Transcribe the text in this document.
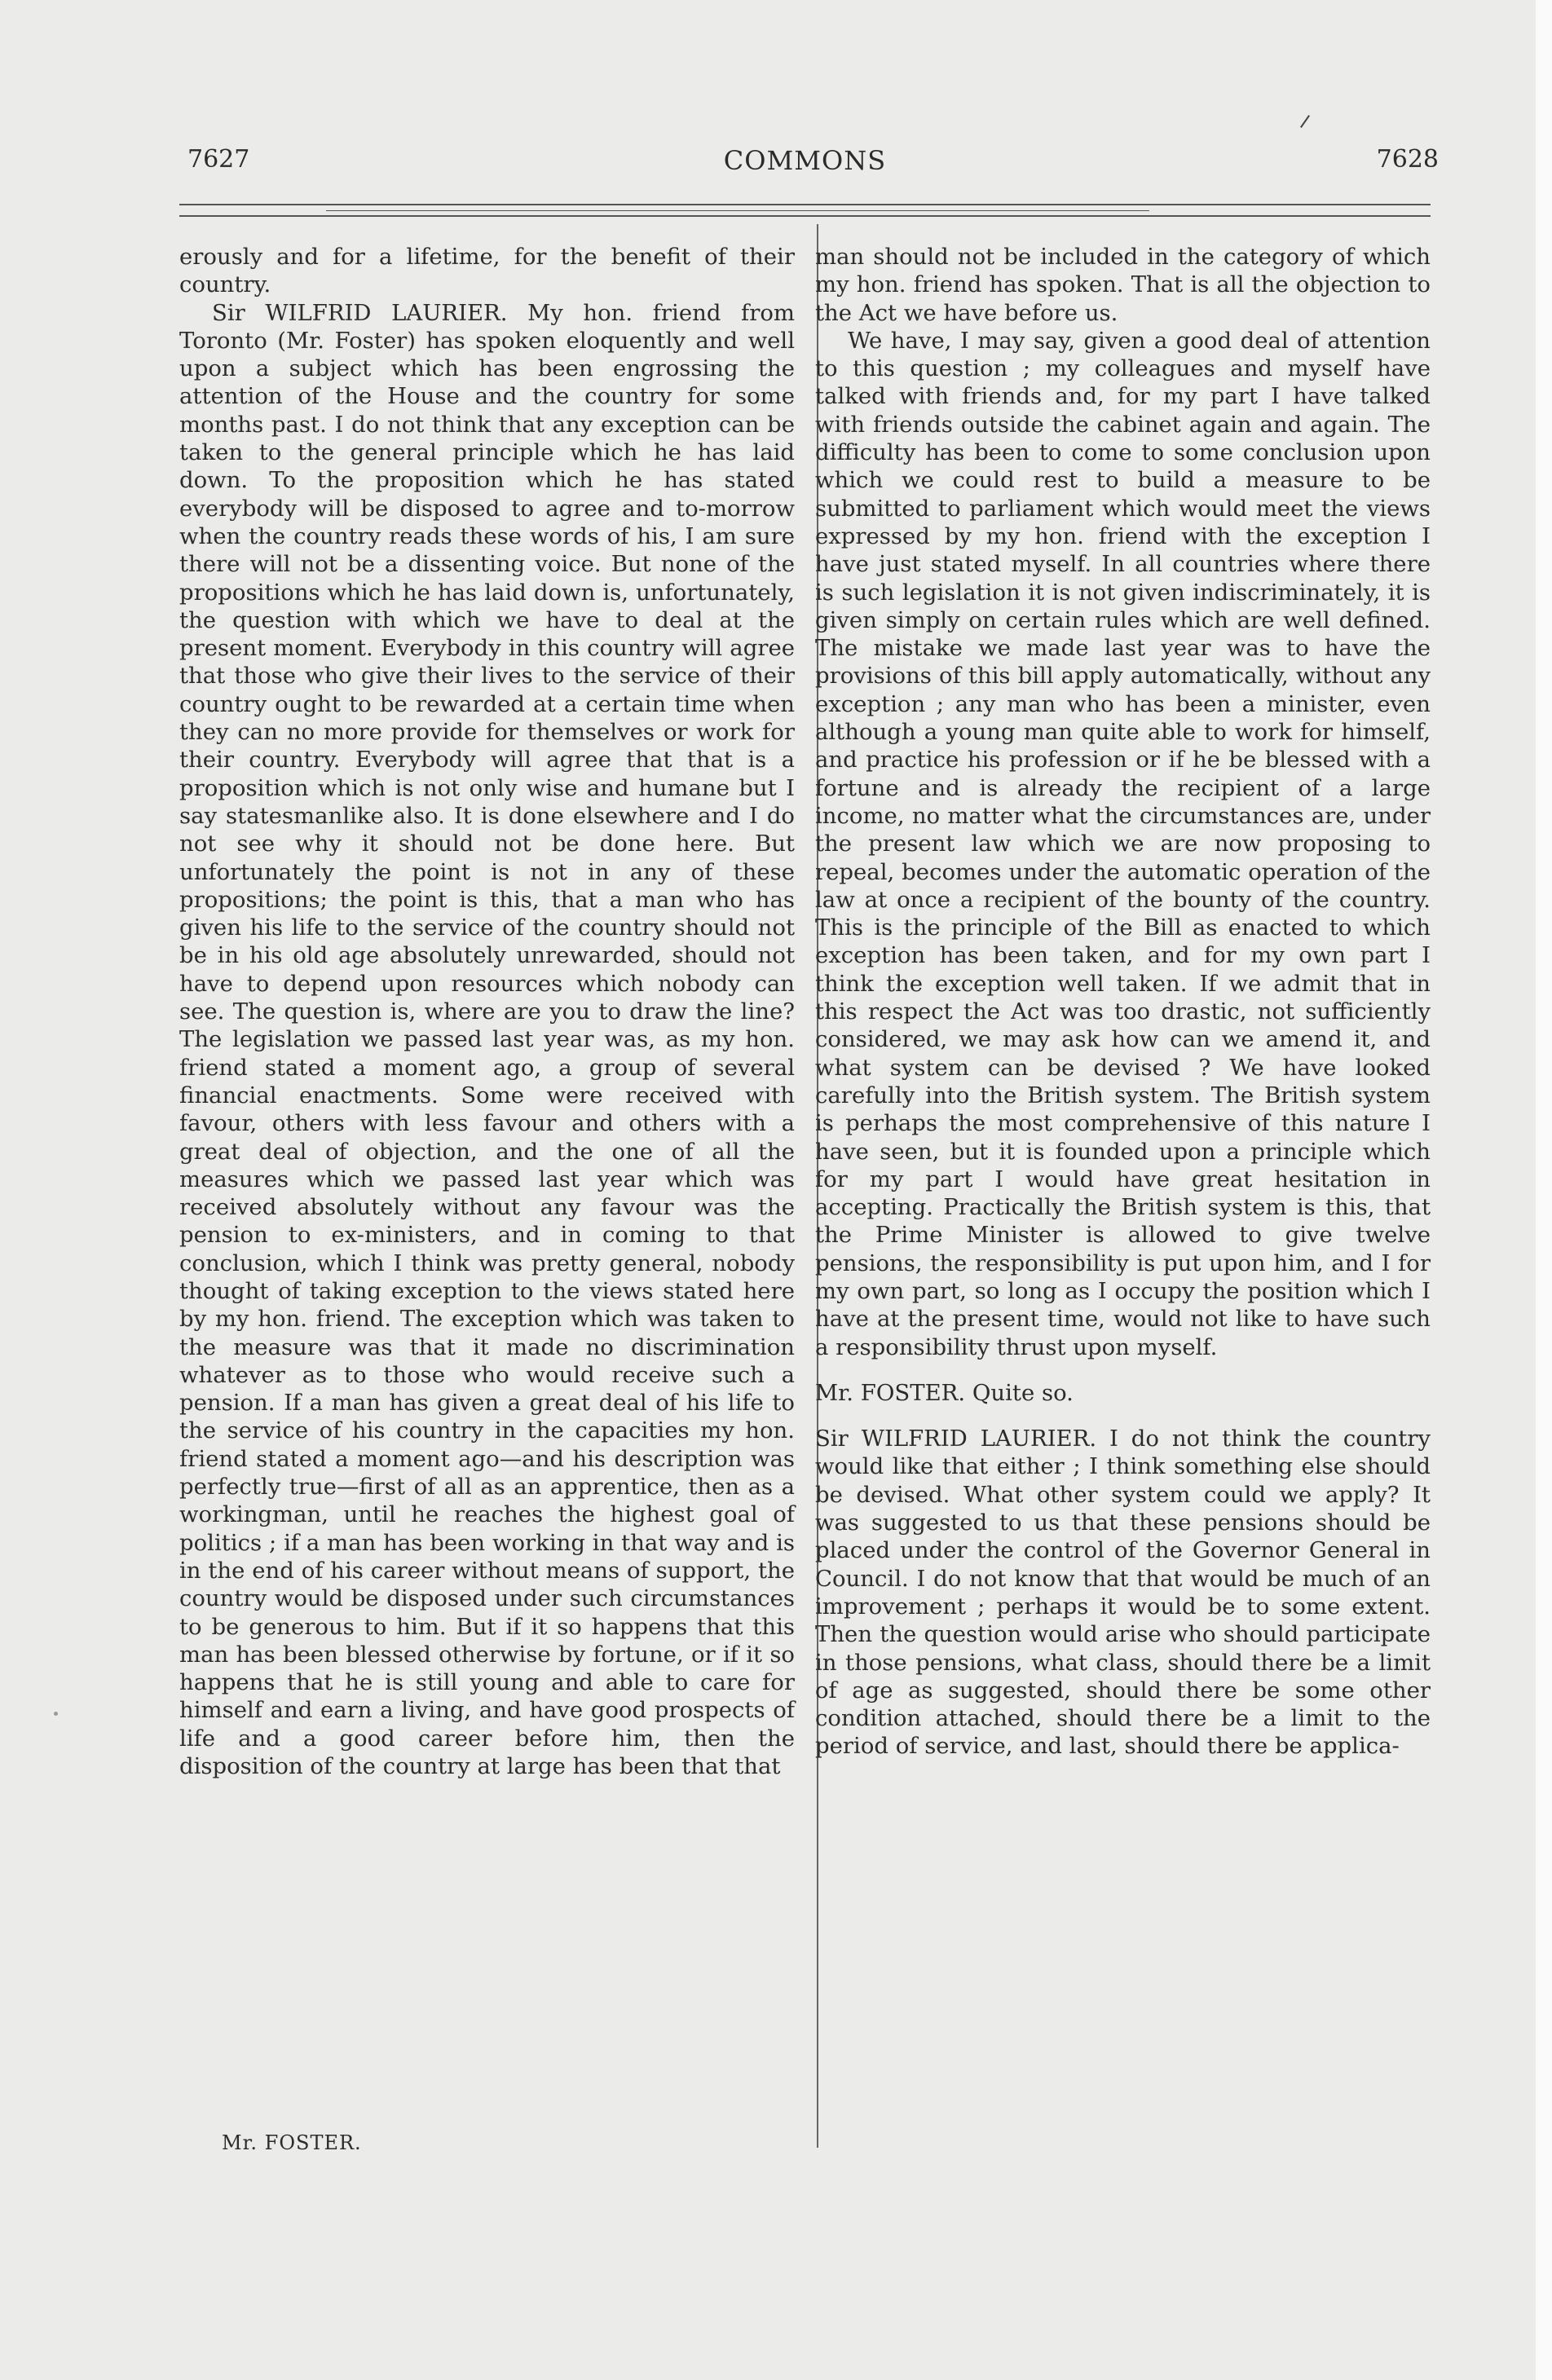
7627	COMMONS	7628

erously and for a lifetime, for the benefit of their country.

Sir WILFRID LAURIER. My hon. friend from Toronto (Mr. Foster) has spoken eloquently and well upon a subject which has been engrossing the attention of the House and the country for some months past. I do not think that any exception can be taken to the general principle which he has laid down. To the proposition which he has stated everybody will be disposed to agree and to-morrow when the country reads these words of his, I am sure there will not be a dissenting voice. But none of the propositions which he has laid down is, unfortunately, the question with which we have to deal at the present moment. Everybody in this country will agree that those who give their lives to the service of their country ought to be rewarded at a certain time when they can no more provide for themselves or work for their country. Everybody will agree that that is a proposition which is not only wise and humane but I say statesmanlike also. It is done elsewhere and I do not see why it should not be done here. But unfortunately the point is not in any of these propositions; the point is this, that a man who has given his life to the service of the country should not be in his old age absolutely unrewarded, should not have to depend upon resources which nobody can see. The question is, where are you to draw the line? The legislation we passed last year was, as my hon. friend stated a moment ago, a group of several financial enactments. Some were received with favour, others with less favour and others with a great deal of objection, and the one of all the measures which we passed last year which was received absolutely without any favour was the pension to ex-ministers, and in coming to that conclusion, which I think was pretty general, nobody thought of taking exception to the views stated here by my hon. friend. The exception which was taken to the measure was that it made no discrimination whatever as to those who would receive such a pension. If a man has given a great deal of his life to the service of his country in the capacities my hon. friend stated a moment ago—and his description was perfectly true—first of all as an apprentice, then as a workingman, until he reaches the highest goal of politics ; if a man has been working in that way and is in the end of his career without means of support, the country would be disposed under such circumstances to be generous to him. But if it so happens that this man has been blessed otherwise by fortune, or if it so happens that he is still young and able to care for himself and earn a living, and have good prospects of life and a good career before him, then the disposition of the country at large has been that that

man should not be included in the category of which my hon. friend has spoken. That is all the objection to the Act we have before us.

We have, I may say, given a good deal of attention to this question ; my colleagues and myself have talked with friends and, for my part I have talked with friends outside the cabinet again and again. The difficulty has been to come to some conclusion upon which we could rest to build a measure to be submitted to parliament which would meet the views expressed by my hon. friend with the exception I have just stated myself. In all countries where there is such legislation it is not given indiscriminately, it is given simply on certain rules which are well defined. The mistake we made last year was to have the provisions of this bill apply automatically, without any exception ; any man who has been a minister, even although a young man quite able to work for himself, and practice his profession or if he be blessed with a fortune and is already the recipient of a large income, no matter what the circumstances are, under the present law which we are now proposing to repeal, becomes under the automatic operation of the law at once a recipient of the bounty of the country. This is the principle of the Bill as enacted to which exception has been taken, and for my own part I think the exception well taken. If we admit that in this respect the Act was too drastic, not sufficiently considered, we may ask how can we amend it, and what system can be devised ? We have looked carefully into the British system. The British system is perhaps the most comprehensive of this nature I have seen, but it is founded upon a principle which for my part I would have great hesitation in accepting. Practically the British system is this, that the Prime Minister is allowed to give twelve pensions, the responsibility is put upon him, and I for my own part, so long as I occupy the position which I have at the present time, would not like to have such a responsibility thrust upon myself.

Mr. FOSTER. Quite so.

Sir WILFRID LAURIER. I do not think the country would like that either ; I think something else should be devised. What other system could we apply? It was suggested to us that these pensions should be placed under the control of the Governor General in Council. I do not know that that would be much of an improvement ; perhaps it would be to some extent. Then the question would arise who should participate in those pensions, what class, should there be a limit of age as suggested, should there be some other condition attached, should there be a limit to the period of service, and last, should there be applica-

Mr. FOSTER.
